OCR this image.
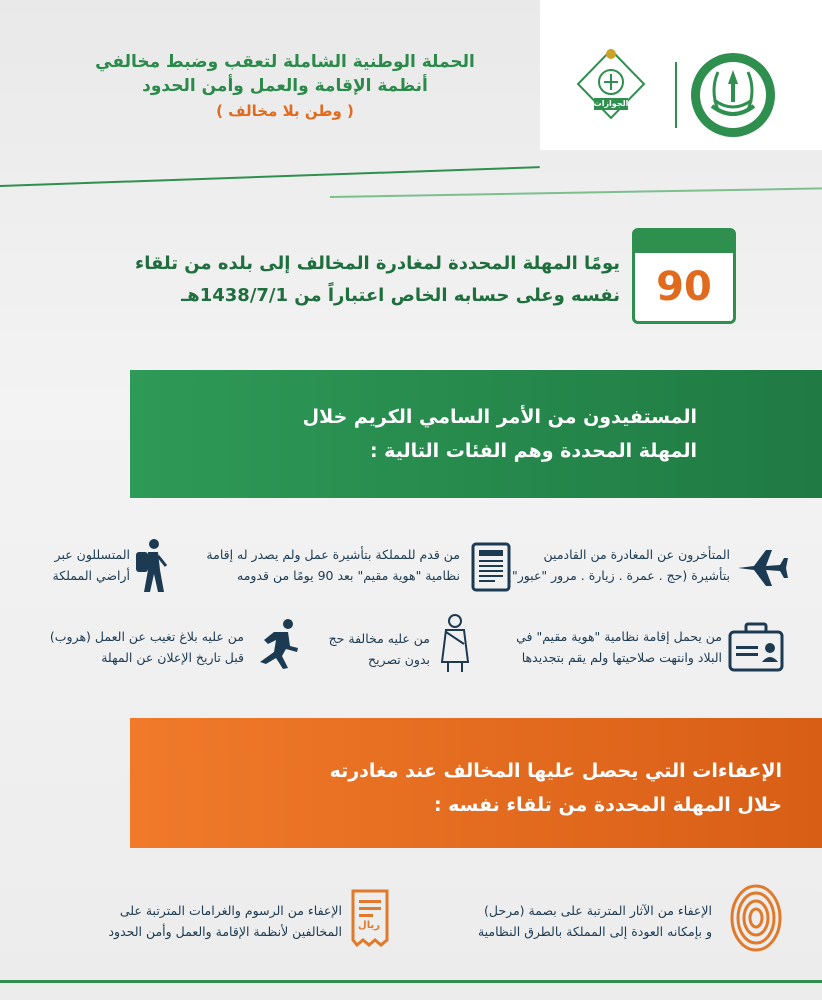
الجوازات
الحملة الوطنية الشاملة لتعقب وضبط مخالفي
أنظمة الإقامة والعمل وأمن الحدود
( وطن بلا مخالف )
90
يومًا المهلة المحددة لمغادرة المخالف إلى بلده من تلقاء
نفسه وعلى حسابه الخاص اعتباراً من 1438/7/1هـ
المستفيدون من الأمر السامي الكريم خلال
المهلة المحددة وهم الفئات التالية :
المتأخرون عن المغادرة من القادمين
بتأشيرة (حج . عمرة . زيارة . مرور "عبور")
من قدم للمملكة بتأشيرة عمل ولم يصدر له إقامة
نظامية "هوية مقيم" بعد 90 يومًا من قدومه
المتسللون عبر
أراضي المملكة
من يحمل إقامة نظامية "هوية مقيم" في
البلاد وانتهت صلاحيتها ولم يقم بتجديدها
من عليه مخالفة حج
بدون تصريح
من عليه بلاغ تغيب عن العمل (هروب)
قبل تاريخ الإعلان عن المهلة
الإعفاءات التي يحصل عليها المخالف عند مغادرته
خلال المهلة المحددة من تلقاء نفسه :
الإعفاء من الآثار المترتبة على بصمة (مرحل)
و بإمكانه العودة إلى المملكة بالطرق النظامية
ريال
الإعفاء من الرسوم والغرامات المترتبة على
المخالفين لأنظمة الإقامة والعمل وأمن الحدود
